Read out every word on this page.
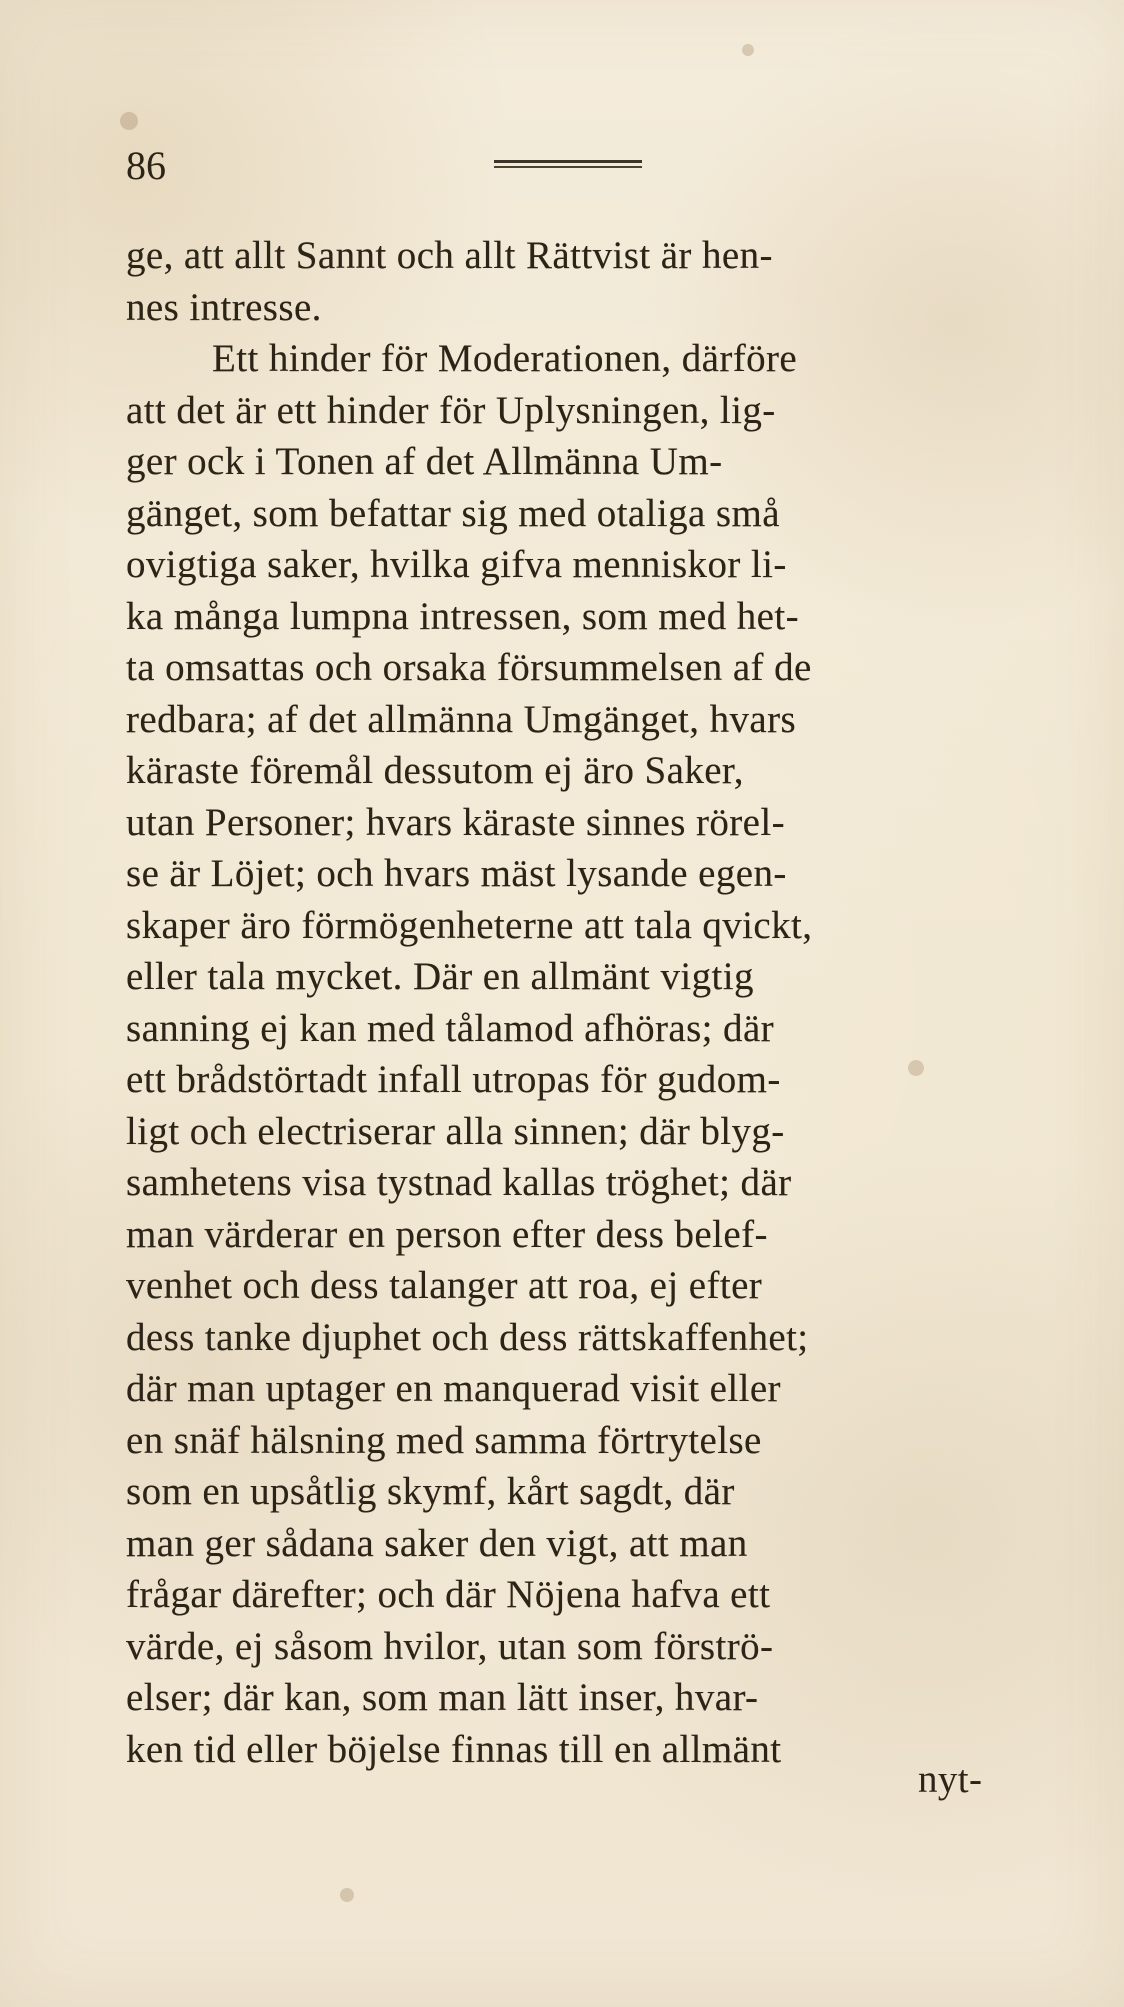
86
ge, att allt Sannt och allt Rättvist är hen-
nes intresse.
Ett hinder för Moderationen, därföre
att det är ett hinder för Uplysningen, lig-
ger ock i Tonen af det Allmänna Um-
gänget, som befattar sig med otaliga små
ovigtiga saker, hvilka gifva menniskor li-
ka många lumpna intressen, som med het-
ta omsattas och orsaka försummelsen af de
redbara; af det allmänna Umgänget, hvars
käraste föremål dessutom ej äro Saker,
utan Personer; hvars käraste sinnes rörel-
se är Löjet; och hvars mäst lysande egen-
skaper äro förmögenheterne att tala qvickt,
eller tala mycket. Där en allmänt vigtig
sanning ej kan med tålamod afhöras; där
ett brådstörtadt infall utropas för gudom-
ligt och electriserar alla sinnen; där blyg-
samhetens visa tystnad kallas tröghet; där
man värderar en person efter dess belef-
venhet och dess talanger att roa, ej efter
dess tanke djuphet och dess rättskaffenhet;
där man uptager en manquerad visit eller
en snäf hälsning med samma förtrytelse
som en upsåtlig skymf, kårt sagdt, där
man ger sådana saker den vigt, att man
frågar därefter; och där Nöjena hafva ett
värde, ej såsom hvilor, utan som förströ-
elser; där kan, som man lätt inser, hvar-
ken tid eller böjelse finnas till en allmänt
nyt-
